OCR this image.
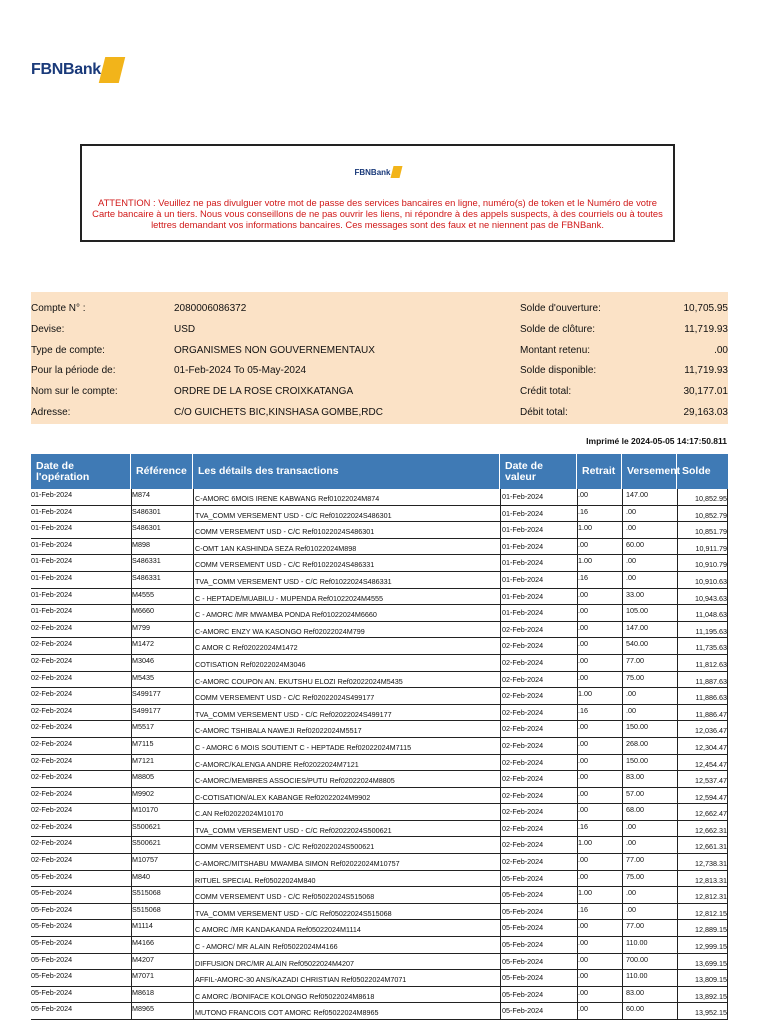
FBNBank
FBNBank
ATTENTION : Veuillez ne pas divulguer votre mot de passe des services bancaires en ligne, numéro(s) de token et le Numéro de votre Carte bancaire à un tiers. Nous vous conseillons de ne pas ouvrir les liens, ni répondre à des appels suspects, à des courriels ou à toutes lettres demandant vos informations bancaires. Ces messages sont des faux et ne niennent pas de FBNBank.
Compte N° :	2080006086372	Solde d'ouverture:	10,705.95
Devise:	USD	Solde de clôture:	11,719.93
Type de compte:	ORGANISMES NON GOUVERNEMENTAUX	Montant retenu:	.00
Pour la période de:	01-Feb-2024 To 05-May-2024	Solde disponible:	11,719.93
Nom sur le compte:	ORDRE DE LA ROSE CROIXKATANGA	Crédit total:	30,177.01
Adresse:	C/O GUICHETS BIC,KINSHASA GOMBE,RDC	Débit total:	29,163.03
Imprimé le 2024-05-05 14:17:50.811
Date de l'opération	Référence	Les détails des transactions	Date de valeur	Retrait	Versement Solde
01-Feb-2024	M874	C-AMORC 6MOIS IRENE KABWANG Ref01022024M874	01-Feb-2024	.00	147.00	10,852.95
01-Feb-2024	S486301	TVA_COMM VERSEMENT USD - C/C Ref01022024S486301	01-Feb-2024	.16	.00	10,852.79
01-Feb-2024	S486301	COMM VERSEMENT USD - C/C Ref01022024S486301	01-Feb-2024	1.00	.00	10,851.79
01-Feb-2024	M898	C-OMT 1AN KASHINDA SEZA Ref01022024M898	01-Feb-2024	.00	60.00	10,911.79
01-Feb-2024	S486331	COMM VERSEMENT USD - C/C Ref01022024S486331	01-Feb-2024	1.00	.00	10,910.79
01-Feb-2024	S486331	TVA_COMM VERSEMENT USD - C/C Ref01022024S486331	01-Feb-2024	.16	.00	10,910.63
01-Feb-2024	M4555	C - HEPTADE/MUABILU - MUPENDA Ref01022024M4555	01-Feb-2024	.00	33.00	10,943.63
01-Feb-2024	M6660	C - AMORC /MR MWAMBA PONDA Ref01022024M6660	01-Feb-2024	.00	105.00	11,048.63
02-Feb-2024	M799	C-AMORC ENZY WA KASONGO Ref02022024M799	02-Feb-2024	.00	147.00	11,195.63
02-Feb-2024	M1472	C AMOR C Ref02022024M1472	02-Feb-2024	.00	540.00	11,735.63
02-Feb-2024	M3046	COTISATION Ref02022024M3046	02-Feb-2024	.00	77.00	11,812.63
02-Feb-2024	M5435	C-AMORC COUPON AN. EKUTSHU ELOZI Ref02022024M5435	02-Feb-2024	.00	75.00	11,887.63
02-Feb-2024	S499177	COMM VERSEMENT USD - C/C Ref02022024S499177	02-Feb-2024	1.00	.00	11,886.63
02-Feb-2024	S499177	TVA_COMM VERSEMENT USD - C/C Ref02022024S499177	02-Feb-2024	.16	.00	11,886.47
02-Feb-2024	M5517	C-AMORC TSHIBALA NAWEJI Ref02022024M5517	02-Feb-2024	.00	150.00	12,036.47
02-Feb-2024	M7115	C - AMORC 6 MOIS SOUTIENT C - HEPTADE Ref02022024M7115	02-Feb-2024	.00	268.00	12,304.47
02-Feb-2024	M7121	C-AMORC/KALENGA ANDRE Ref02022024M7121	02-Feb-2024	.00	150.00	12,454.47
02-Feb-2024	M8805	C-AMORC/MEMBRES ASSOCIES/PUTU Ref02022024M8805	02-Feb-2024	.00	83.00	12,537.47
02-Feb-2024	M9902	C-COTISATION/ALEX KABANGE Ref02022024M9902	02-Feb-2024	.00	57.00	12,594.47
02-Feb-2024	M10170	C.AN Ref02022024M10170	02-Feb-2024	.00	68.00	12,662.47
02-Feb-2024	S500621	TVA_COMM VERSEMENT USD - C/C Ref02022024S500621	02-Feb-2024	.16	.00	12,662.31
02-Feb-2024	S500621	COMM VERSEMENT USD - C/C Ref02022024S500621	02-Feb-2024	1.00	.00	12,661.31
02-Feb-2024	M10757	C-AMORC/MITSHABU MWAMBA SIMON Ref02022024M10757	02-Feb-2024	.00	77.00	12,738.31
05-Feb-2024	M840	RITUEL SPECIAL Ref05022024M840	05-Feb-2024	.00	75.00	12,813.31
05-Feb-2024	S515068	COMM VERSEMENT USD - C/C Ref05022024S515068	05-Feb-2024	1.00	.00	12,812.31
05-Feb-2024	S515068	TVA_COMM VERSEMENT USD - C/C Ref05022024S515068	05-Feb-2024	.16	.00	12,812.15
05-Feb-2024	M1114	C AMORC /MR KANDAKANDA Ref05022024M1114	05-Feb-2024	.00	77.00	12,889.15
05-Feb-2024	M4166	C - AMORC/ MR ALAIN Ref05022024M4166	05-Feb-2024	.00	110.00	12,999.15
05-Feb-2024	M4207	DIFFUSION DRC/MR ALAIN Ref05022024M4207	05-Feb-2024	.00	700.00	13,699.15
05-Feb-2024	M7071	AFFIL-AMORC-30 ANS/KAZADI CHRISTIAN Ref05022024M7071	05-Feb-2024	.00	110.00	13,809.15
05-Feb-2024	M8618	C AMORC /BONIFACE KOLONGO Ref05022024M8618	05-Feb-2024	.00	83.00	13,892.15
05-Feb-2024	M8965	MUTONO FRANCOIS COT AMORC Ref05022024M8965	05-Feb-2024	.00	60.00	13,952.15
